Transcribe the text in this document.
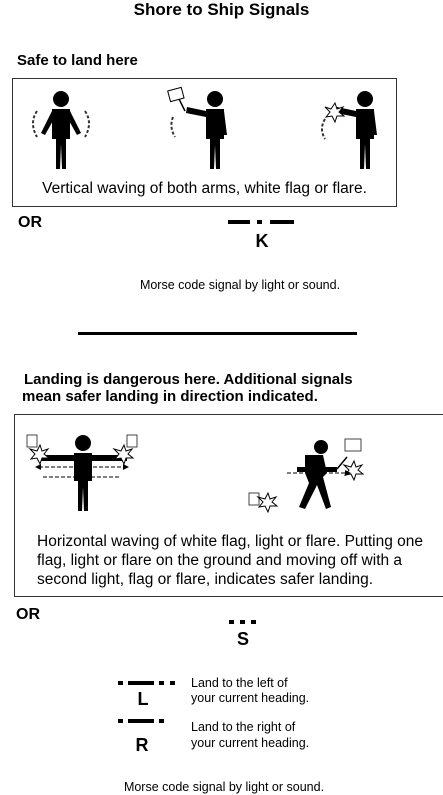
Shore to Ship Signals
Safe to land here
Vertical waving of both arms, white flag or flare.
OR
K
Morse code signal by light or sound.
Landing is dangerous here. Additional signals
mean safer landing in direction indicated.
Horizontal waving of white flag, light or flare. Putting one
flag, light or flare on the ground and moving off with a
second light, flag or flare, indicates safer landing.
OR
S
L
Land to the left of
your current heading.
R
Land to the right of
your current heading.
Morse code signal by light or sound.
